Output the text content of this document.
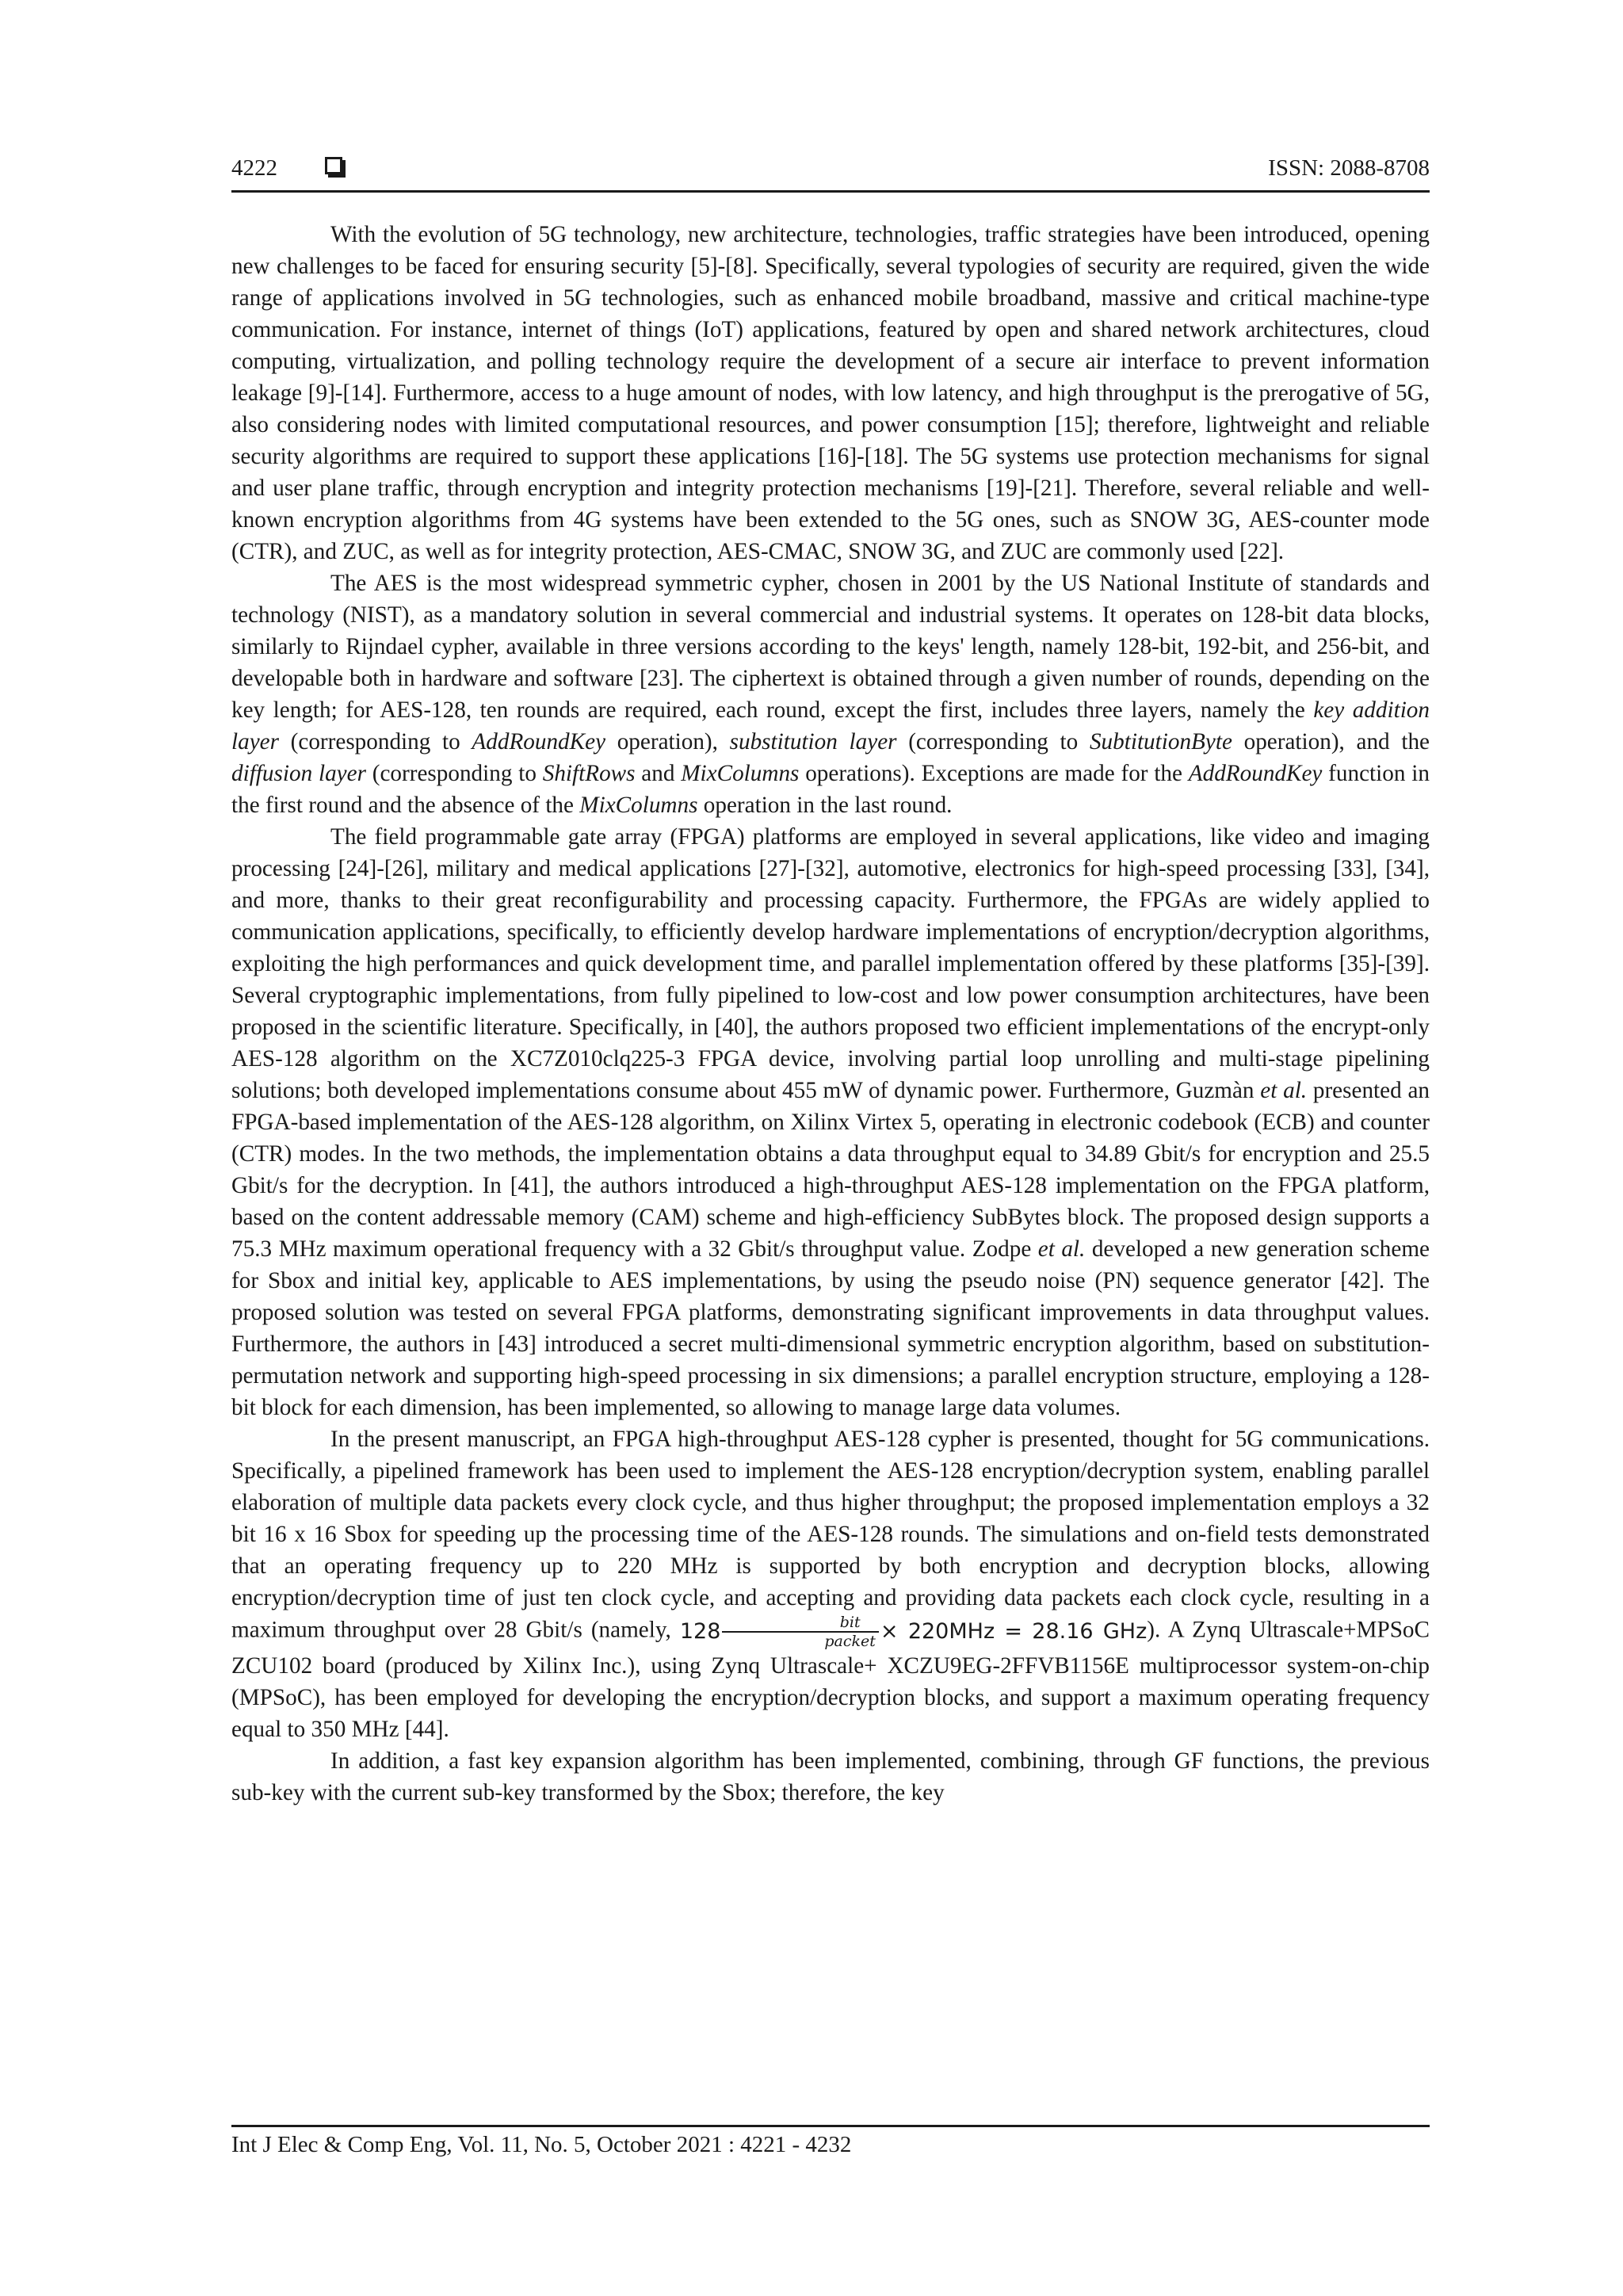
4222	ISSN: 2088-8708

With the evolution of 5G technology, new architecture, technologies, traffic strategies have been introduced, opening new challenges to be faced for ensuring security [5]-[8]. Specifically, several typologies of security are required, given the wide range of applications involved in 5G technologies, such as enhanced mobile broadband, massive and critical machine-type communication. For instance, internet of things (IoT) applications, featured by open and shared network architectures, cloud computing, virtualization, and polling technology require the development of a secure air interface to prevent information leakage [9]-[14]. Furthermore, access to a huge amount of nodes, with low latency, and high throughput is the prerogative of 5G, also considering nodes with limited computational resources, and power consumption [15]; therefore, lightweight and reliable security algorithms are required to support these applications [16]-[18]. The 5G systems use protection mechanisms for signal and user plane traffic, through encryption and integrity protection mechanisms [19]-[21]. Therefore, several reliable and well-known encryption algorithms from 4G systems have been extended to the 5G ones, such as SNOW 3G, AES-counter mode (CTR), and ZUC, as well as for integrity protection, AES-CMAC, SNOW 3G, and ZUC are commonly used [22].

The AES is the most widespread symmetric cypher, chosen in 2001 by the US National Institute of standards and technology (NIST), as a mandatory solution in several commercial and industrial systems. It operates on 128-bit data blocks, similarly to Rijndael cypher, available in three versions according to the keys' length, namely 128-bit, 192-bit, and 256-bit, and developable both in hardware and software [23]. The ciphertext is obtained through a given number of rounds, depending on the key length; for AES-128, ten rounds are required, each round, except the first, includes three layers, namely the key addition layer (corresponding to AddRoundKey operation), substitution layer (corresponding to SubtitutionByte operation), and the diffusion layer (corresponding to ShiftRows and MixColumns operations). Exceptions are made for the AddRoundKey function in the first round and the absence of the MixColumns operation in the last round.

The field programmable gate array (FPGA) platforms are employed in several applications, like video and imaging processing [24]-[26], military and medical applications [27]-[32], automotive, electronics for high-speed processing [33], [34], and more, thanks to their great reconfigurability and processing capacity. Furthermore, the FPGAs are widely applied to communication applications, specifically, to efficiently develop hardware implementations of encryption/decryption algorithms, exploiting the high performances and quick development time, and parallel implementation offered by these platforms [35]-[39]. Several cryptographic implementations, from fully pipelined to low-cost and low power consumption architectures, have been proposed in the scientific literature. Specifically, in [40], the authors proposed two efficient implementations of the encrypt-only AES-128 algorithm on the XC7Z010clq225-3 FPGA device, involving partial loop unrolling and multi-stage pipelining solutions; both developed implementations consume about 455 mW of dynamic power. Furthermore, Guzmàn et al. presented an FPGA-based implementation of the AES-128 algorithm, on Xilinx Virtex 5, operating in electronic codebook (ECB) and counter (CTR) modes. In the two methods, the implementation obtains a data throughput equal to 34.89 Gbit/s for encryption and 25.5 Gbit/s for the decryption. In [41], the authors introduced a high-throughput AES-128 implementation on the FPGA platform, based on the content addressable memory (CAM) scheme and high-efficiency SubBytes block. The proposed design supports a 75.3 MHz maximum operational frequency with a 32 Gbit/s throughput value. Zodpe et al. developed a new generation scheme for Sbox and initial key, applicable to AES implementations, by using the pseudo noise (PN) sequence generator [42]. The proposed solution was tested on several FPGA platforms, demonstrating significant improvements in data throughput values. Furthermore, the authors in [43] introduced a secret multi-dimensional symmetric encryption algorithm, based on substitution-permutation network and supporting high-speed processing in six dimensions; a parallel encryption structure, employing a 128-bit block for each dimension, has been implemented, so allowing to manage large data volumes.

In the present manuscript, an FPGA high-throughput AES-128 cypher is presented, thought for 5G communications. Specifically, a pipelined framework has been used to implement the AES-128 encryption/decryption system, enabling parallel elaboration of multiple data packets every clock cycle, and thus higher throughput; the proposed implementation employs a 32 bit 16 x 16 Sbox for speeding up the processing time of the AES-128 rounds. The simulations and on-field tests demonstrated that an operating frequency up to 220 MHz is supported by both encryption and decryption blocks, allowing encryption/decryption time of just ten clock cycle, and accepting and providing data packets each clock cycle, resulting in a maximum throughput over 28 Gbit/s (namely, $128 \frac{\text{bit}}{\text{packet}} \times 220MHz = 28.16$ GHz). A Zynq Ultrascale+MPSoC ZCU102 board (produced by Xilinx Inc.), using Zynq Ultrascale+ XCZU9EG-2FFVB1156E multiprocessor system-on-chip (MPSoC), has been employed for developing the encryption/decryption blocks, and support a maximum operating frequency equal to 350 MHz [44].

In addition, a fast key expansion algorithm has been implemented, combining, through GF functions, the previous sub-key with the current sub-key transformed by the Sbox; therefore, the key

Int J Elec & Comp Eng, Vol. 11, No. 5, October 2021 : 4221 - 4232
